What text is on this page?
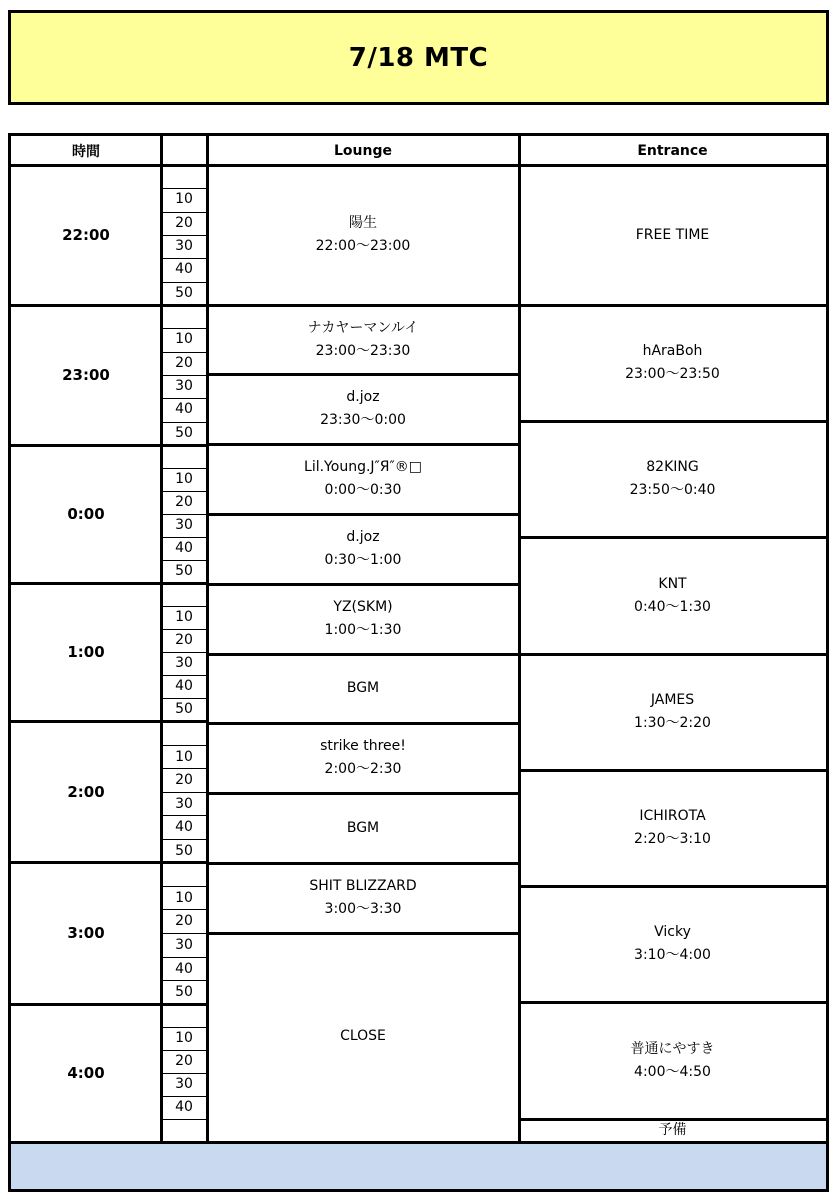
7/18 MTC
時間	Lounge	Entrance
22:00
10
20
30
40
50
23:00
10
20
30
40
50
0:00
10
20
30
40
50
1:00
10
20
30
40
50
2:00
10
20
30
40
50
3:00
10
20
30
40
50
4:00
10
20
30
40
陽生
22:00～23:00
ナカヤーマンルイ
23:00～23:30
d.joz
23:30～0:00
Lil.Young.J″Я″®□
0:00～0:30
d.joz
0:30～1:00
YZ(SKM)
1:00～1:30
BGM
strike three!
2:00～2:30
BGM
SHIT BLIZZARD
3:00～3:30
CLOSE
FREE TIME
hAraBoh
23:00～23:50
82KING
23:50～0:40
KNT
0:40～1:30
JAMES
1:30～2:20
ICHIROTA
2:20～3:10
Vicky
3:10～4:00
普通にやすき
4:00～4:50
予備
